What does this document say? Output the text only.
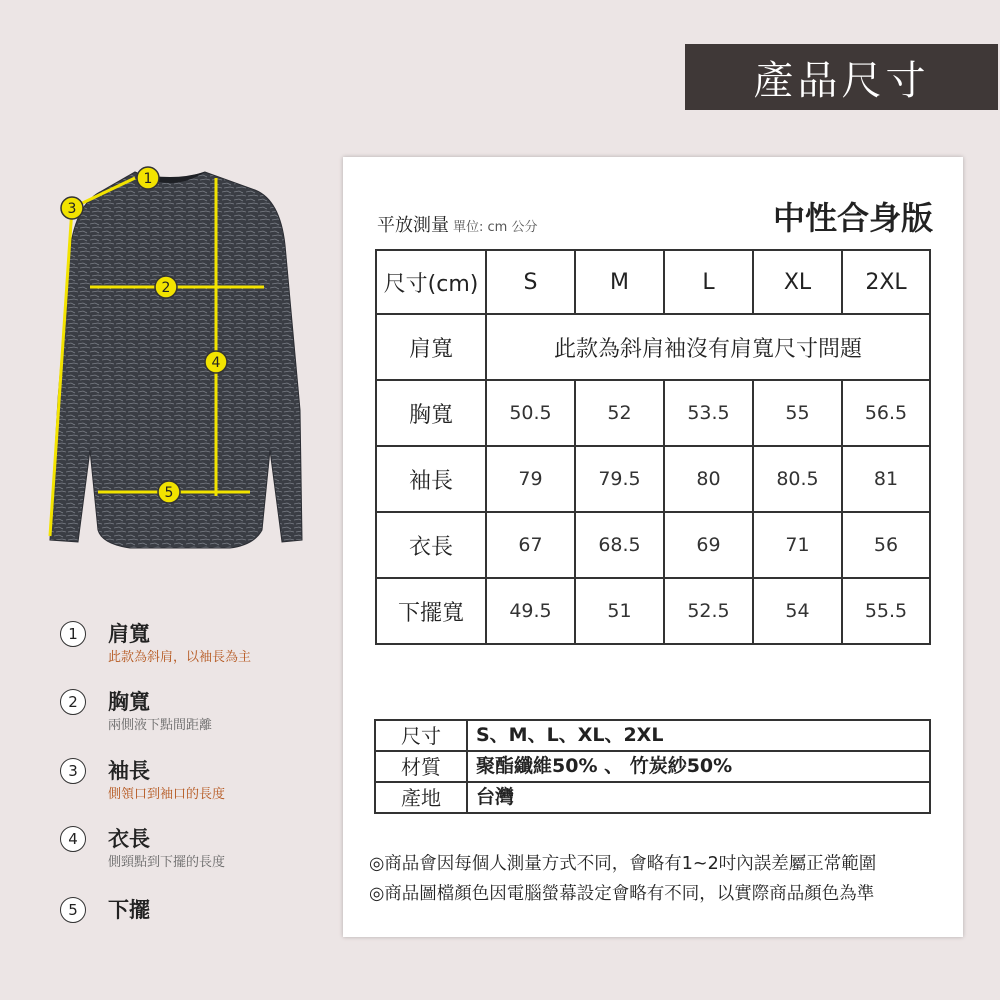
產品尺寸
1
3
2
4
5
1	肩寬
此款為斜肩，以袖長為主
2	胸寬
兩側液下點間距離
3	袖長
側領口到袖口的長度
4	衣長
側頸點到下擺的長度
5	下擺
平放測量 單位: cm 公分	中性合身版
尺寸(cm)	S	M	L	XL	2XL
肩寬	此款為斜肩袖沒有肩寬尺寸問題				
胸寬	50.5	52	53.5	55	56.5
袖長	79	79.5	80	80.5	81
衣長	67	68.5	69	71	56
下擺寬	49.5	51	52.5	54	55.5
尺寸	S、M、L、XL、2XL
材質	聚酯纖維50% 、 竹炭紗50%
產地	台灣
◎商品會因每個人測量方式不同，會略有1~2吋內誤差屬正常範圍
◎商品圖檔顏色因電腦螢幕設定會略有不同，以實際商品顏色為準
